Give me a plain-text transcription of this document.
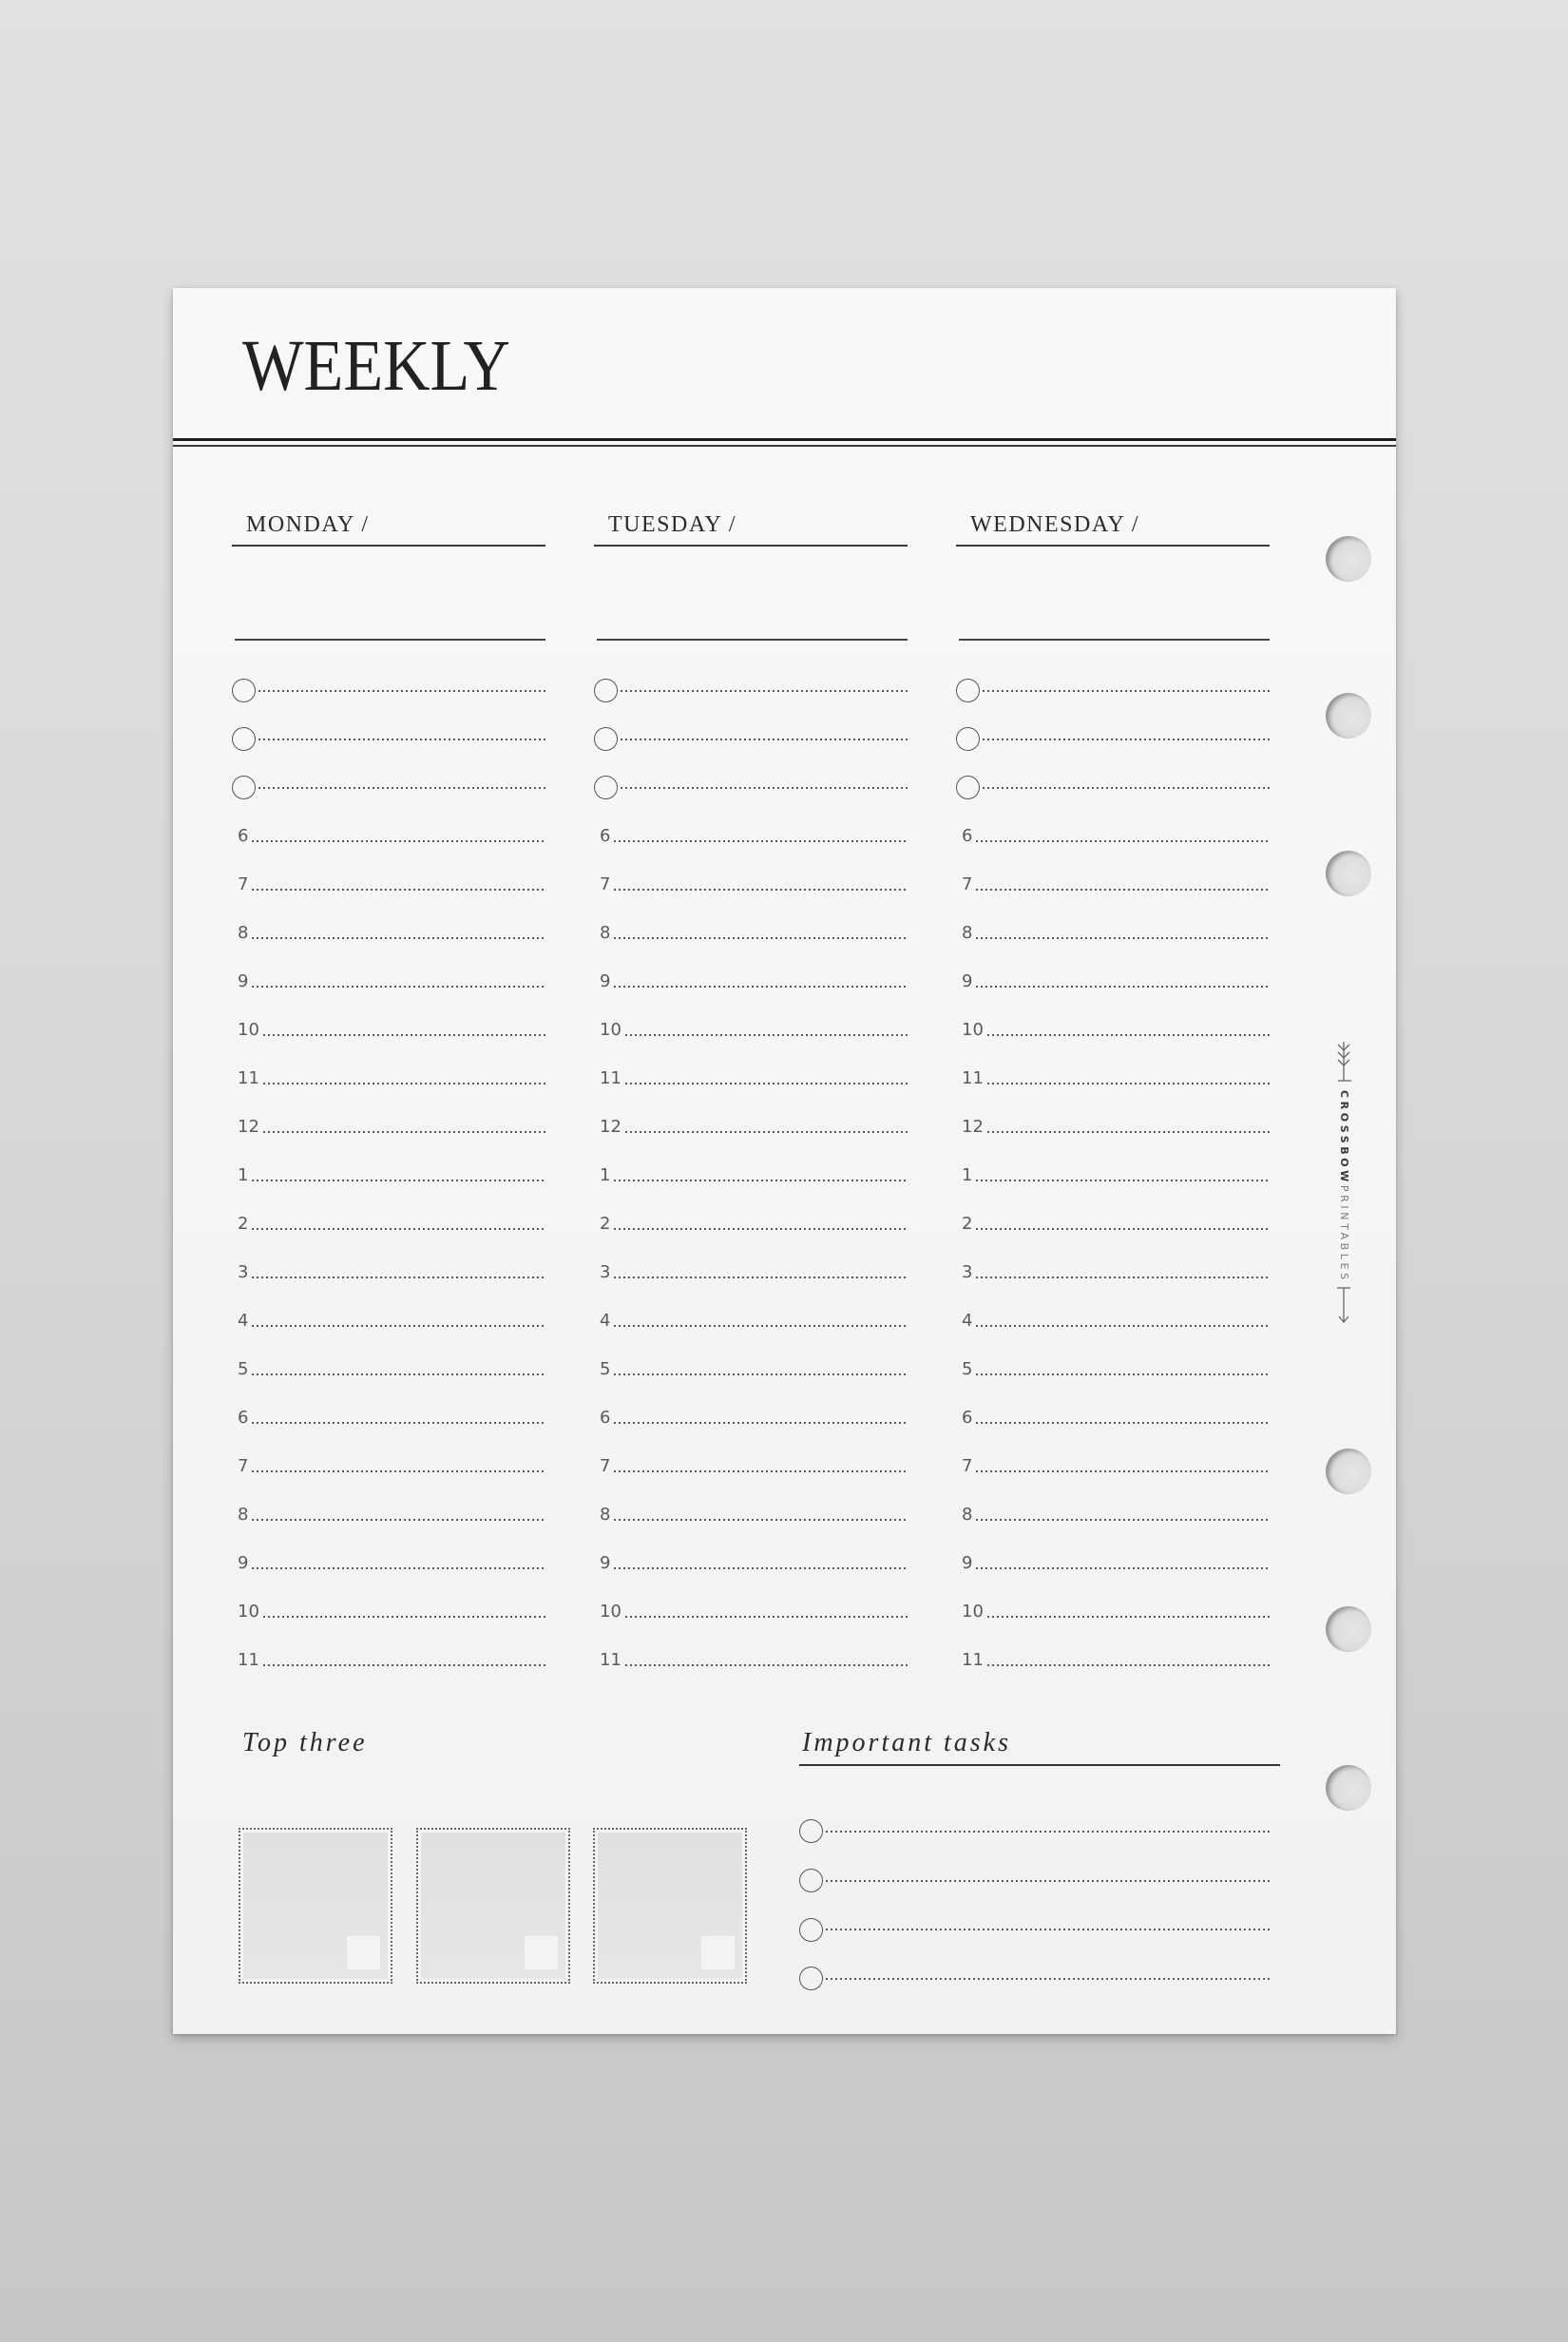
WEEKLY
MONDAY /
6
7
8
9
10
11
12
1
2
3
4
5
6
7
8
9
10
11
TUESDAY /
6
7
8
9
10
11
12
1
2
3
4
5
6
7
8
9
10
11
WEDNESDAY /
6
7
8
9
10
11
12
1
2
3
4
5
6
7
8
9
10
11
Top three	Important tasks
CROSSBOWPRINTABLES
